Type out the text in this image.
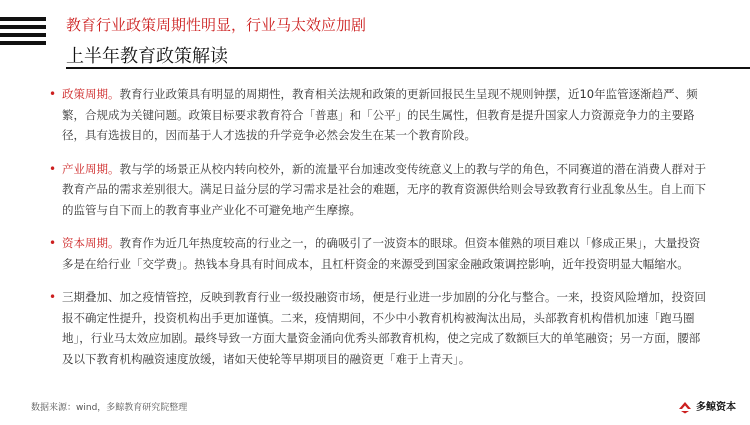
教育行业政策周期性明显，行业马太效应加剧
上半年教育政策解读
• 政策周期。教育行业政策具有明显的周期性，教育相关法规和政策的更新回报民生呈现不规则钟摆，近10年监管逐渐趋严、频繁，合规成为关键问题。政策目标要求教育符合「普惠」和「公平」的民生属性，但教育是提升国家人力资源竞争力的主要路径，具有选拔目的，因而基于人才选拔的升学竞争必然会发生在某一个教育阶段。
• 产业周期。教与学的场景正从校内转向校外，新的流量平台加速改变传统意义上的教与学的角色，不同赛道的潜在消费人群对于教育产品的需求差别很大。满足日益分层的学习需求是社会的难题，无序的教育资源供给则会导致教育行业乱象丛生。自上而下的监管与自下而上的教育事业产业化不可避免地产生摩擦。
• 资本周期。教育作为近几年热度较高的行业之一，的确吸引了一波资本的眼球。但资本催熟的项目难以「修成正果」，大量投资多是在给行业「交学费」。热钱本身具有时间成本，且杠杆资金的来源受到国家金融政策调控影响，近年投资明显大幅缩水。
• 三期叠加、加之疫情管控，反映到教育行业一级投融资市场，便是行业进一步加剧的分化与整合。一来，投资风险增加，投资回报不确定性提升，投资机构出手更加谨慎。二来，疫情期间，不少中小教育机构被淘汰出局，头部教育机构借机加速「跑马圈地」，行业马太效应加剧。最终导致一方面大量资金涌向优秀头部教育机构，使之完成了数额巨大的单笔融资；另一方面，腰部及以下教育机构融资速度放缓，诸如天使轮等早期项目的融资更「难于上青天」。
数据来源：wind，多鲸教育研究院整理	多鲸资本
